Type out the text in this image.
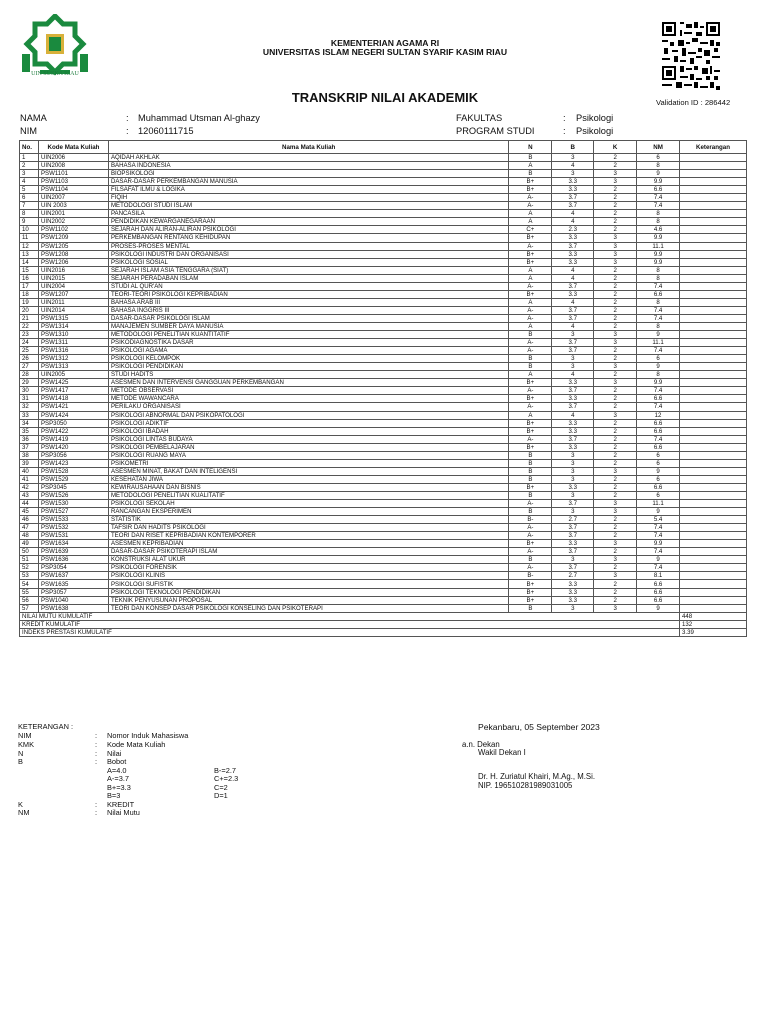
UIN SUSKA RIAU
KEMENTERIAN AGAMA RI
UNIVERSITAS ISLAM NEGERI SULTAN SYARIF KASIM RIAU
Validation ID : 286442
TRANSKRIP NILAI AKADEMIK
NAMA	: Muhammad Utsman Al-ghazy	FAKULTAS	: Psikologi
NIM	: 12060111715	PROGRAM STUDI	: Psikologi
No.	Kode Mata Kuliah	Nama Mata Kuliah	N	B	K	NM	Keterangan
1	UIN2006	AQIDAH AKHLAK	B	3	2	6	
2	UIN2008	BAHASA INDONESIA	A	4	2	8	
3	PSW1101	BIOPSIKOLOGI	B	3	3	9	
4	PSW1103	DASAR-DASAR PERKEMBANGAN MANUSIA	B+	3.3	3	9.9	
5	PSW1104	FILSAFAT ILMU & LOGIKA	B+	3.3	2	6.6	
6	UIN2007	FIQIH	A-	3.7	2	7.4	
7	UIN 2003	METODOLOGI STUDI ISLAM	A-	3.7	2	7.4	
8	UIN2001	PANCASILA	A	4	2	8	
9	UIN2002	PENDIDIKAN KEWARGANEGARAAN	A	4	2	8	
10	PSW1102	SEJARAH DAN ALIRAN-ALIRAN PSIKOLOGI	C+	2.3	2	4.6	
11	PSW1209	PERKEMBANGAN RENTANG KEHIDUPAN	B+	3.3	3	9.9	
12	PSW1205	PROSES-PROSES MENTAL	A-	3.7	3	11.1	
13	PSW1208	PSIKOLOGI INDUSTRI DAN ORGANISASI	B+	3.3	3	9.9	
14	PSW1206	PSIKOLOGI SOSIAL	B+	3.3	3	9.9	
15	UIN2016	SEJARAH ISLAM ASIA TENGGARA (SIAT)	A	4	2	8	
16	UIN2015	SEJARAH PERADABAN ISLAM	A	4	2	8	
17	UIN2004	STUDI AL QUR'AN	A-	3.7	2	7.4	
18	PSW1207	TEORI-TEORI PSIKOLOGI KEPRIBADIAN	B+	3.3	2	6.6	
19	UIN2011	BAHASA ARAB III	A	4	2	8	
20	UIN2014	BAHASA INGGRIS III	A-	3.7	2	7.4	
21	PSW1315	DASAR-DASAR PSIKOLOGI ISLAM	A-	3.7	2	7.4	
22	PSW1314	MANAJEMEN SUMBER DAYA MANUSIA	A	4	2	8	
23	PSW1310	METODOLOGI PENELITIAN KUANTITATIF	B	3	3	9	
24	PSW1311	PSIKODIAGNOSTIKA DASAR	A-	3.7	3	11.1	
25	PSW1316	PSIKOLOGI AGAMA	A-	3.7	2	7.4	
26	PSW1312	PSIKOLOGI KELOMPOK	B	3	2	6	
27	PSW1313	PSIKOLOGI PENDIDIKAN	B	3	3	9	
28	UIN2005	STUDI HADITS	A	4	2	8	
29	PSW1425	ASESMEN DAN INTERVENSI GANGGUAN PERKEMBANGAN	B+	3.3	3	9.9	
30	PSW1417	METODE OBSERVASI	A-	3.7	2	7.4	
31	PSW1418	METODE WAWANCARA	B+	3.3	2	6.6	
32	PSW1421	PERILAKU ORGANISASI	A-	3.7	2	7.4	
33	PSW1424	PSIKOLOGI ABNORMAL DAN PSIKOPATOLOGI	A	4	3	12	
34	PSP3050	PSIKOLOGI ADIKTIF	B+	3.3	2	6.6	
35	PSW1422	PSIKOLOGI IBADAH	B+	3.3	2	6.6	
36	PSW1419	PSIKOLOGI LINTAS BUDAYA	A-	3.7	2	7.4	
37	PSW1420	PSIKOLOGI PEMBELAJARAN	B+	3.3	2	6.6	
38	PSP3056	PSIKOLOGI RUANG MAYA	B	3	2	6	
39	PSW1423	PSIKOMETRI	B	3	2	6	
40	PSW1528	ASESMEN MINAT, BAKAT DAN INTELIGENSI	B	3	3	9	
41	PSW1529	KESEHATAN JIWA	B	3	2	6	
42	PSP3045	KEWIRAUSAHAAN DAN BISNIS	B+	3.3	2	6.6	
43	PSW1526	METODOLOGI PENELITIAN KUALITATIF	B	3	2	6	
44	PSW1530	PSIKOLOGI SEKOLAH	A-	3.7	3	11.1	
45	PSW1527	RANCANGAN EKSPERIMEN	B	3	3	9	
46	PSW1533	STATISTIK	B-	2.7	2	5.4	
47	PSW1532	TAFSIR DAN HADITS PSIKOLOGI	A-	3.7	2	7.4	
48	PSW1531	TEORI DAN RISET KEPRIBADIAN KONTEMPORER	A-	3.7	2	7.4	
49	PSW1634	ASESMEN KEPRIBADIAN	B+	3.3	3	9.9	
50	PSW1639	DASAR-DASAR PSIKOTERAPI ISLAM	A-	3.7	2	7.4	
51	PSW1636	KONSTRUKSI ALAT UKUR	B	3	3	9	
52	PSP3054	PSIKOLOGI FORENSIK	A-	3.7	2	7.4	
53	PSW1637	PSIKOLOGI KLINIS	B-	2.7	3	8.1	
54	PSW1635	PSIKOLOGI SUFISTIK	B+	3.3	2	6.6	
55	PSP3057	PSIKOLOGI TEKNOLOGI PENDIDIKAN	B+	3.3	2	6.6	
56	PSW1040	TEKNIK PENYUSUNAN PROPOSAL	B+	3.3	2	6.6	
57	PSW1638	TEORI DAN KONSEP DASAR PSIKOLOGI KONSELING DAN PSIKOTERAPI	B	3	3	9	
NILAI MUTU KUMULATIF							448
KREDIT KUMULATIF							132
INDEKS PRESTASI KUMULATIF							3.39
KETERANGAN :
NIM	: Nomor Induk Mahasiswa
KMK	: Kode Mata Kuliah
N	: Nilai
B	: Bobot
A=4.0	B-=2.7
A-=3.7	C+=2.3
B+=3.3	C=2
B=3	D=1
K	: KREDIT
NM	: Nilai Mutu
Pekanbaru, 05 September 2023
a.n. Dekan
Wakil Dekan I
Dr. H. Zuriatul Khairi, M.Ag., M.Si.
NIP. 196510281989031005
